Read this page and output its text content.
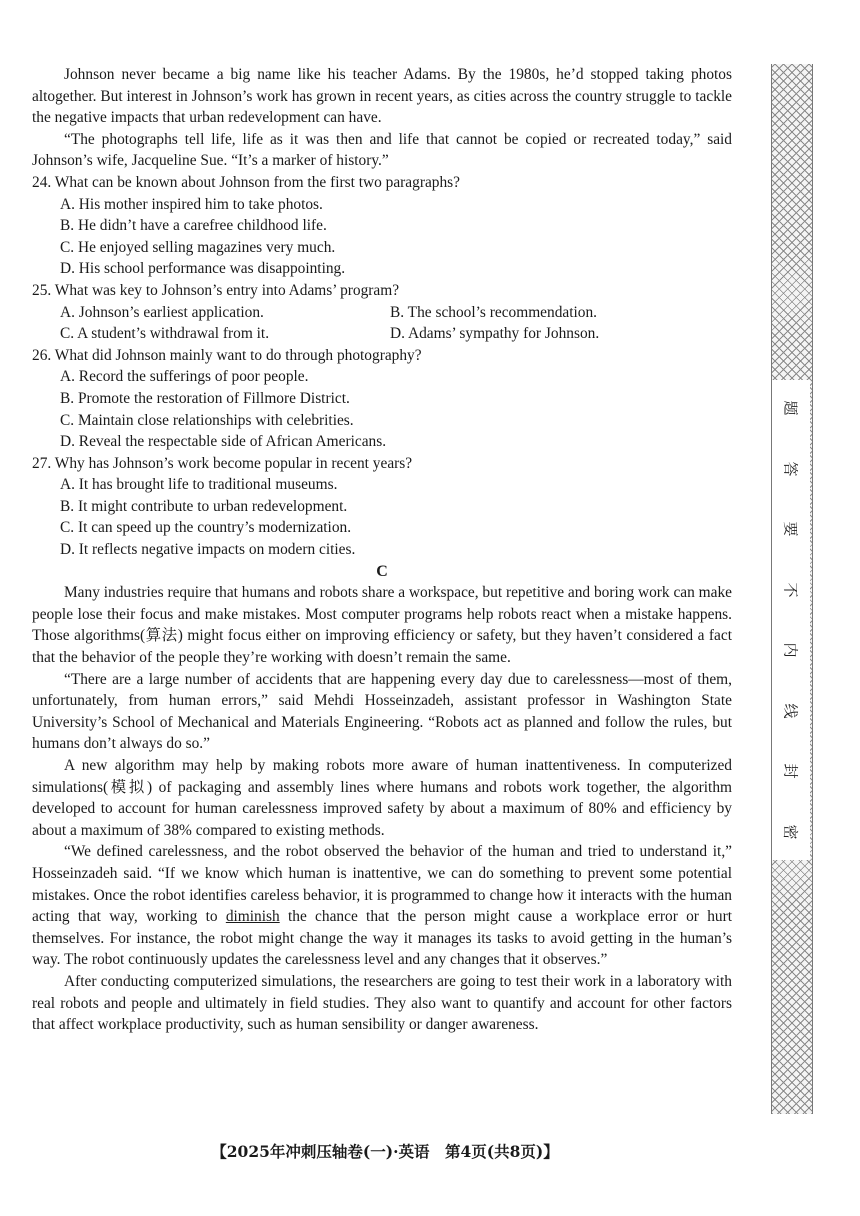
Johnson never became a big name like his teacher Adams. By the 1980s, he’d stopped taking photos altogether. But interest in Johnson’s work has grown in recent years, as cities across the country struggle to tackle the negative impacts that urban redevelopment can have.

“The photographs tell life, life as it was then and life that cannot be copied or recreated today,” said Johnson’s wife, Jacqueline Sue. “It’s a marker of history.”

24. What can be known about Johnson from the first two paragraphs?

A. His mother inspired him to take photos.

B. He didn’t have a carefree childhood life.

C. He enjoyed selling magazines very much.

D. His school performance was disappointing.

25. What was key to Johnson’s entry into Adams’ program?

A. Johnson’s earliest application.	B. The school’s recommendation.
C. A student’s withdrawal from it.	D. Adams’ sympathy for Johnson.

26. What did Johnson mainly want to do through photography?

A. Record the sufferings of poor people.

B. Promote the restoration of Fillmore District.

C. Maintain close relationships with celebrities.

D. Reveal the respectable side of African Americans.

27. Why has Johnson’s work become popular in recent years?

A. It has brought life to traditional museums.

B. It might contribute to urban redevelopment.

C. It can speed up the country’s modernization.

D. It reflects negative impacts on modern cities.

C

Many industries require that humans and robots share a workspace, but repetitive and boring work can make people lose their focus and make mistakes. Most computer programs help robots react when a mistake happens. Those algorithms(算法) might focus either on improving efficiency or safety, but they haven’t considered a fact that the behavior of the people they’re working with doesn’t remain the same.

“There are a large number of accidents that are happening every day due to carelessness—most of them, unfortunately, from human errors,” said Mehdi Hosseinzadeh, assistant professor in Washington State University’s School of Mechanical and Materials Engineering. “Robots act as planned and follow the rules, but humans don’t always do so.”

A new algorithm may help by making robots more aware of human inattentiveness. In computerized simulations(模拟) of packaging and assembly lines where humans and robots work together, the algorithm developed to account for human carelessness improved safety by about a maximum of 80% and efficiency by about a maximum of 38% compared to existing methods.

“We defined carelessness, and the robot observed the behavior of the human and tried to understand it,” Hosseinzadeh said. “If we know which human is inattentive, we can do something to prevent some potential mistakes. Once the robot identifies careless behavior, it is programmed to change how it interacts with the human acting that way, working to diminish the chance that the person might cause a workplace error or hurt themselves. For instance, the robot might change the way it manages its tasks to avoid getting in the human’s way. The robot continuously updates the carelessness level and any changes that it observes.”

After conducting computerized simulations, the researchers are going to test their work in a laboratory with real robots and people and ultimately in field studies. They also want to quantify and account for other factors that affect workplace productivity, such as human sensibility or danger awareness.

【2025年冲刺压轴卷(一)·英语　第4页(共8页)】
题
答
要
不
内
线
封
密
